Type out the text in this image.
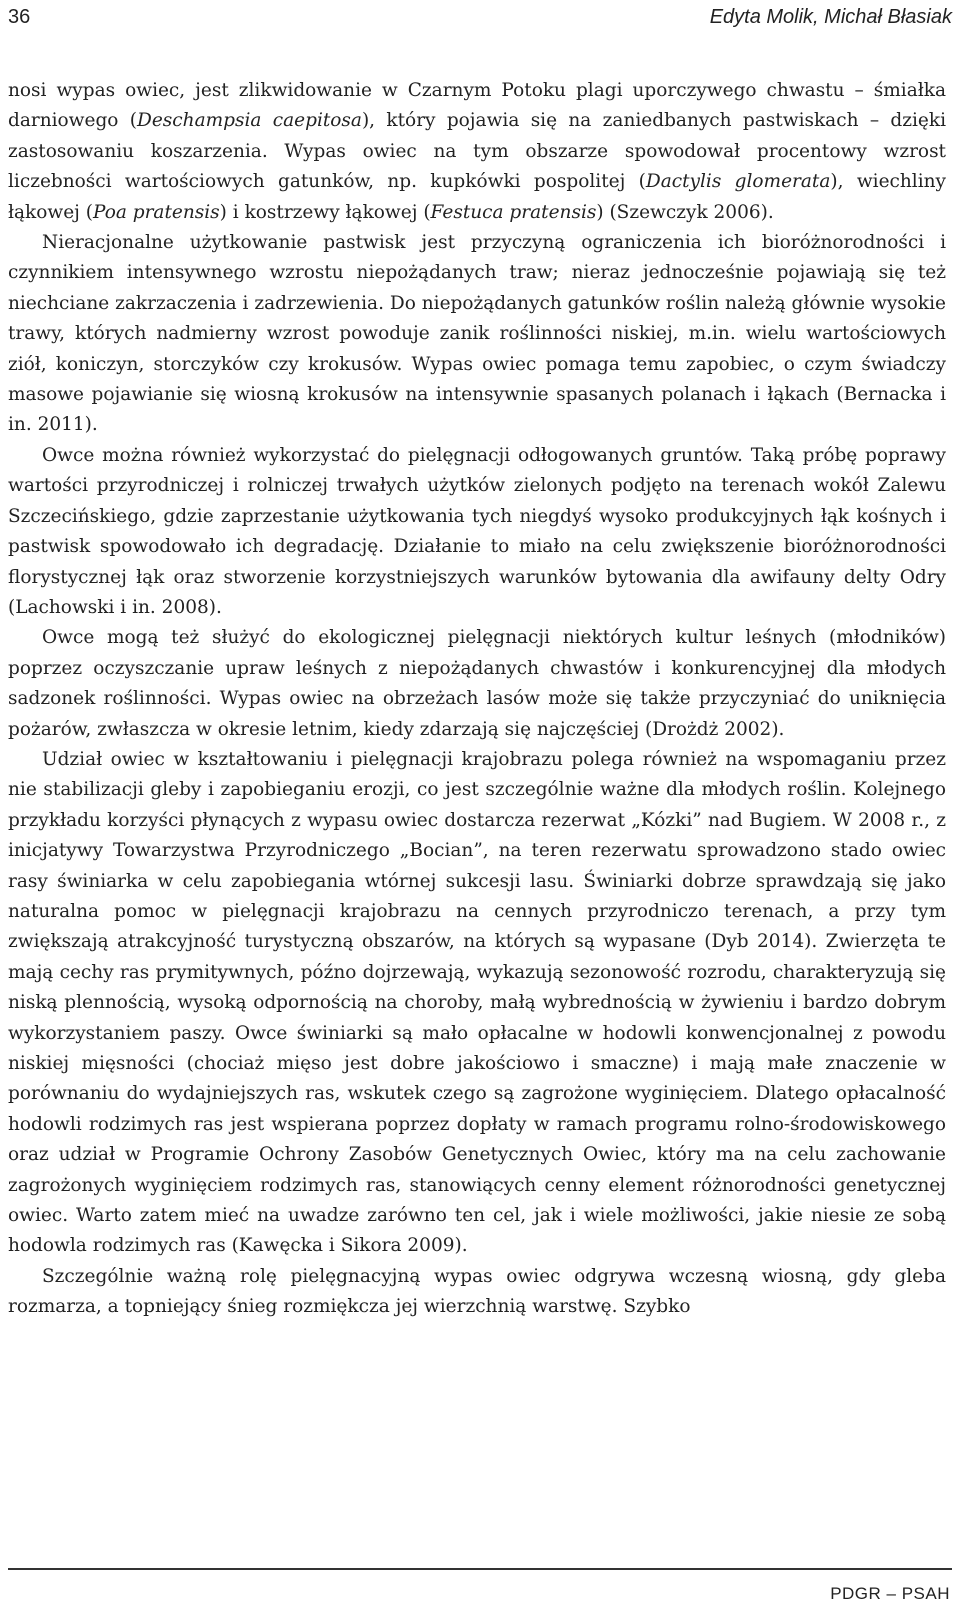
36	Edyta Molik, Michał Błasiak

nosi wypas owiec, jest zlikwidowanie w Czarnym Potoku plagi uporczywego chwastu – śmiałka darniowego (Deschampsia caepitosa), który pojawia się na zaniedbanych pastwiskach – dzięki zastosowaniu koszarzenia. Wypas owiec na tym obszarze spowodował procentowy wzrost liczebności wartościowych gatunków, np. kupkówki pospolitej (Dactylis glomerata), wiechliny łąkowej (Poa pratensis) i kostrzewy łąkowej (Festuca pratensis) (Szewczyk 2006).

Nieracjonalne użytkowanie pastwisk jest przyczyną ograniczenia ich bioróżnorodności i czynnikiem intensywnego wzrostu niepożądanych traw; nieraz jednocześnie pojawiają się też niechciane zakrzaczenia i zadrzewienia. Do niepożądanych gatunków roślin należą głównie wysokie trawy, których nadmierny wzrost powoduje zanik roślinności niskiej, m.in. wielu wartościowych ziół, koniczyn, storczyków czy krokusów. Wypas owiec pomaga temu zapobiec, o czym świadczy masowe pojawianie się wiosną krokusów na intensywnie spasanych polanach i łąkach (Bernacka i in. 2011).

Owce można również wykorzystać do pielęgnacji odłogowanych gruntów. Taką próbę poprawy wartości przyrodniczej i rolniczej trwałych użytków zielonych podjęto na terenach wokół Zalewu Szczecińskiego, gdzie zaprzestanie użytkowania tych niegdyś wysoko produkcyjnych łąk kośnych i pastwisk spowodowało ich degradację. Działanie to miało na celu zwiększenie bioróżnorodności florystycznej łąk oraz stworzenie korzystniejszych warunków bytowania dla awifauny delty Odry (Lachowski i in. 2008).

Owce mogą też służyć do ekologicznej pielęgnacji niektórych kultur leśnych (młodników) poprzez oczyszczanie upraw leśnych z niepożądanych chwastów i konkurencyjnej dla młodych sadzonek roślinności. Wypas owiec na obrzeżach lasów może się także przyczyniać do uniknięcia pożarów, zwłaszcza w okresie letnim, kiedy zdarzają się najczęściej (Drożdż 2002).

Udział owiec w kształtowaniu i pielęgnacji krajobrazu polega również na wspomaganiu przez nie stabilizacji gleby i zapobieganiu erozji, co jest szczególnie ważne dla młodych roślin. Kolejnego przykładu korzyści płynących z wypasu owiec dostarcza rezerwat „Kózki” nad Bugiem. W 2008 r., z inicjatywy Towarzystwa Przyrodniczego „Bocian”, na teren rezerwatu sprowadzono stado owiec rasy świniarka w celu zapobiegania wtórnej sukcesji lasu. Świniarki dobrze sprawdzają się jako naturalna pomoc w pielęgnacji krajobrazu na cennych przyrodniczo terenach, a przy tym zwiększają atrakcyjność turystyczną obszarów, na których są wypasane (Dyb 2014). Zwierzęta te mają cechy ras prymitywnych, późno dojrzewają, wykazują sezonowość rozrodu, charakteryzują się niską plennością, wysoką odpornością na choroby, małą wybrednością w żywieniu i bardzo dobrym wykorzystaniem paszy. Owce świniarki są mało opłacalne w hodowli konwencjonalnej z powodu niskiej mięsności (chociaż mięso jest dobre jakościowo i smaczne) i mają małe znaczenie w porównaniu do wydajniejszych ras, wskutek czego są zagrożone wyginięciem. Dlatego opłacalność hodowli rodzimych ras jest wspierana poprzez dopłaty w ramach programu rolno-środowiskowego oraz udział w Programie Ochrony Zasobów Genetycznych Owiec, który ma na celu zachowanie zagrożonych wyginięciem rodzimych ras, stanowiących cenny element różnorodności genetycznej owiec. Warto zatem mieć na uwadze zarówno ten cel, jak i wiele możliwości, jakie niesie ze sobą hodowla rodzimych ras (Kawęcka i Sikora 2009).

Szczególnie ważną rolę pielęgnacyjną wypas owiec odgrywa wczesną wiosną, gdy gleba rozmarza, a topniejący śnieg rozmiękcza jej wierzchnią warstwę. Szybko

PDGR – PSAH
